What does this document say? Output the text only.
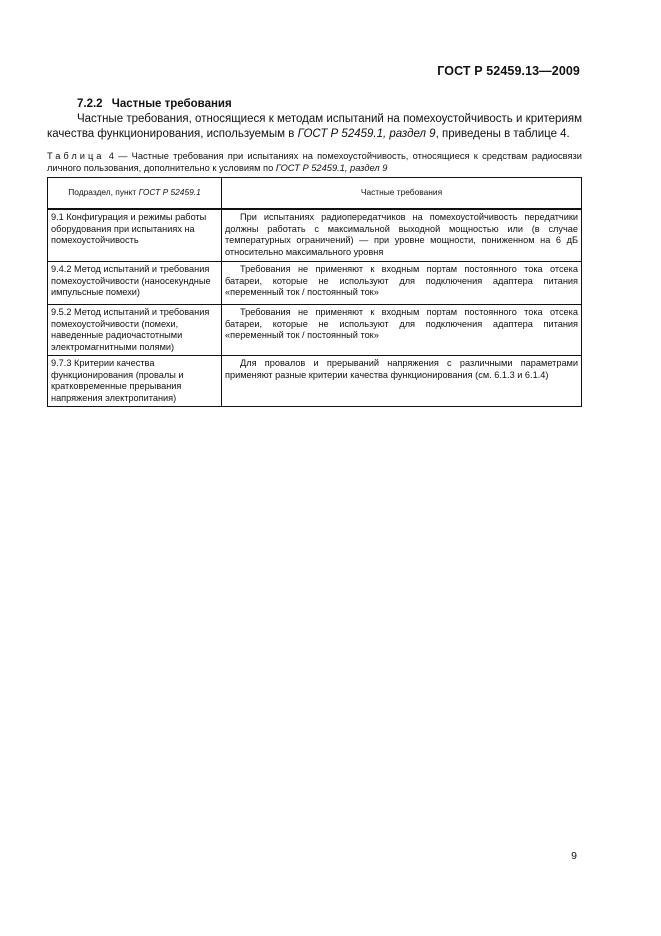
ГОСТ Р 52459.13—2009
7.2.2 Частные требования
Частные требования, относящиеся к методам испытаний на помехоустойчивость и критериям качества функционирования, используемым в ГОСТ Р 52459.1, раздел 9, приведены в таблице 4.
Таблица 4 — Частные требования при испытаниях на помехоустойчивость, относящиеся к средствам радиосвязи личного пользования, дополнительно к условиям по ГОСТ Р 52459.1, раздел 9
Подраздел, пункт ГОСТ Р 52459.1	Частные требования
9.1 Конфигурация и режимы работы оборудования при испытаниях на помехоустойчивость	При испытаниях радиопередатчиков на помехоустойчивость передатчики должны работать с максимальной выходной мощностью или (в случае температурных ограничений) — при уровне мощности, пониженном на 6 дБ относительно максимального уровня
9.4.2 Метод испытаний и требования помехоустойчивости (наносекундные импульсные помехи)	Требования не применяют к входным портам постоянного тока отсека батареи, которые не используют для подключения адаптера питания «переменный ток / постоянный ток»
9.5.2 Метод испытаний и требования помехоустойчивости (помехи, наведенные радиочастотными электромагнитными полями)	Требования не применяют к входным портам постоянного тока отсека батареи, которые не используют для подключения адаптера питания «переменный ток / постоянный ток»
9.7.3 Критерии качества функционирования (провалы и кратковременные прерывания напряжения электропитания)	Для провалов и прерываний напряжения с различными параметрами применяют разные критерии качества функционирования (см. 6.1.3 и 6.1.4)
9
